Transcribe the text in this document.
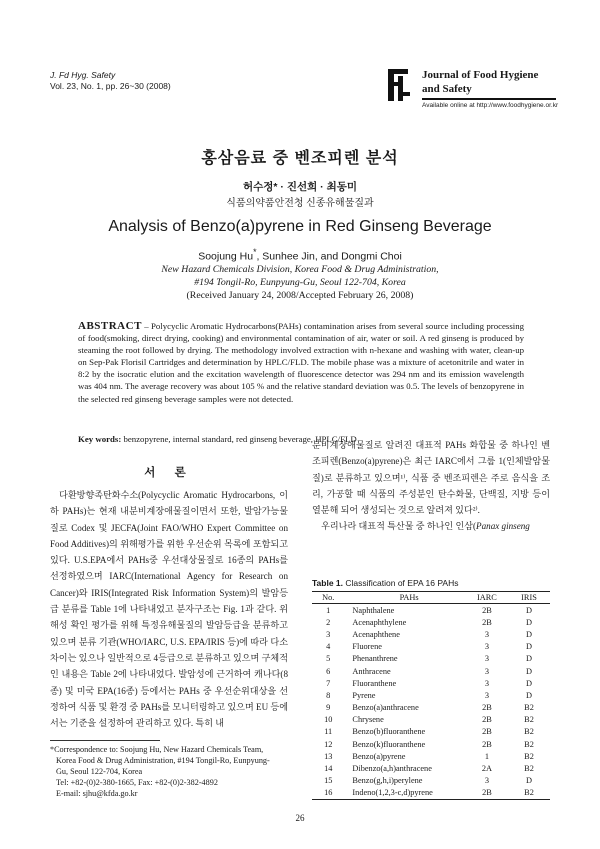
J. Fd Hyg. Safety
Vol. 23, No. 1, pp. 26~30 (2008)
Journal of Food Hygiene
and Safety
Available online at http://www.foodhygiene.or.kr
홍삼음료 중 벤조피렌 분석
허수정* · 진선희 · 최동미
식품의약품안전청 신종유해물질과
Analysis of Benzo(a)pyrene in Red Ginseng Beverage
Soojung Hu*, Sunhee Jin, and Dongmi Choi
New Hazard Chemicals Division, Korea Food & Drug Administration,
#194 Tongil-Ro, Eunpyung-Gu, Seoul 122-704, Korea
(Received January 24, 2008/Accepted February 26, 2008)
ABSTRACT – Polycyclic Aromatic Hydrocarbons(PAHs) contamination arises from several source including processing of food(smoking, direct drying, cooking) and environmental contamination of air, water or soil. A red ginseng is produced by steaming the root followed by drying. The methodology involved extraction with n-hexane and washing with water, clean-up on Sep-Pak Florisil Cartridges and determination by HPLC/FLD. The mobile phase was a mixture of acetonitrile and water in 8:2 by the isocratic elution and the excitation wavelength of fluorescence detector was 294 nm and its emission wavelength was 404 nm. The average recovery was about 105 % and the relative standard deviation was 0.5. The levels of benzopyrene in the selected red ginseng beverage samples were not detected.
Key words: benzopyrene, internal standard, red ginseng beverage, HPLC/FLD
서 론

다환방향족탄화수소(Polycyclic Aromatic Hydrocarbons, 이하 PAHs)는 현재 내분비계장애물질이면서 또한, 발암가능물질로 Codex 및 JECFA(Joint FAO/WHO Expert Committee on Food Additives)의 위해평가를 위한 우선순위 목록에 포함되고 있다. U.S.EPA에서 PAHs중 우선대상물질로 16종의 PAHs를 선정하였으며 IARC(International Agency for Research on Cancer)와 IRIS(Integrated Risk Information System)의 발암등급 분류를 Table 1에 나타내었고 분자구조는 Fig. 1과 같다. 위해성 확인 평가를 위해 특정유해물질의 발암등급을 분류하고 있으며 분류 기관(WHO/IARC, U.S. EPA/IRIS 등)에 따라 다소 차이는 있으나 일반적으로 4등급으로 분류하고 있으며 구체적인 내용은 Table 2에 나타내었다. 발암성에 근거하여 캐나다(8종) 및 미국 EPA(16종) 등에서는 PAHs 중 우선순위대상을 선정하여 식품 및 환경 중 PAHs를 모니터링하고 있으며 EU 등에서는 기준을 설정하여 관리하고 있다. 특히 내

*Correspondence to: Soojung Hu, New Hazard Chemicals Team,
Korea Food & Drug Administration, #194 Tongil-Ro, Eunpyung-
Gu, Seoul 122-704, Korea
Tel: +82-(0)2-380-1665, Fax: +82-(0)2-382-4892
E-mail: sjhu@kfda.go.kr

분비계장애물질로 알려진 대표적 PAHs 화합물 중 하나인 벤조피렌(Benzo(a)pyrene)은 최근 IARC에서 그룹 1(인체발암물질)로 분류하고 있으며¹⁾, 식품 중 벤조피렌은 주로 음식을 조리, 가공할 때 식품의 주성분인 탄수화물, 단백질, 지방 등이 열분해 되어 생성되는 것으로 알려져 있다²⁾.

우리나라 대표적 특산물 중 하나인 인삼(Panax ginseng

Table 1. Classification of EPA 16 PAHs
No.	PAHs	IARC	IRIS
1	Naphthalene	2B	D
2	Acenaphthylene	2B	D
3	Acenaphthene	3	D
4	Fluorene	3	D
5	Phenanthrene	3	D
6	Anthracene	3	D
7	Fluoranthene	3	D
8	Pyrene	3	D
9	Benzo(a)anthracene	2B	B2
10	Chrysene	2B	B2
11	Benzo(b)fluoranthene	2B	B2
12	Benzo(k)fluoranthene	2B	B2
13	Benzo(a)pyrene	1	B2
14	Dibenzo(a,h)anthracene	2A	B2
15	Benzo(g,h,i)perylene	3	D
16	Indeno(1,2,3-c,d)pyrene	2B	B2
26
